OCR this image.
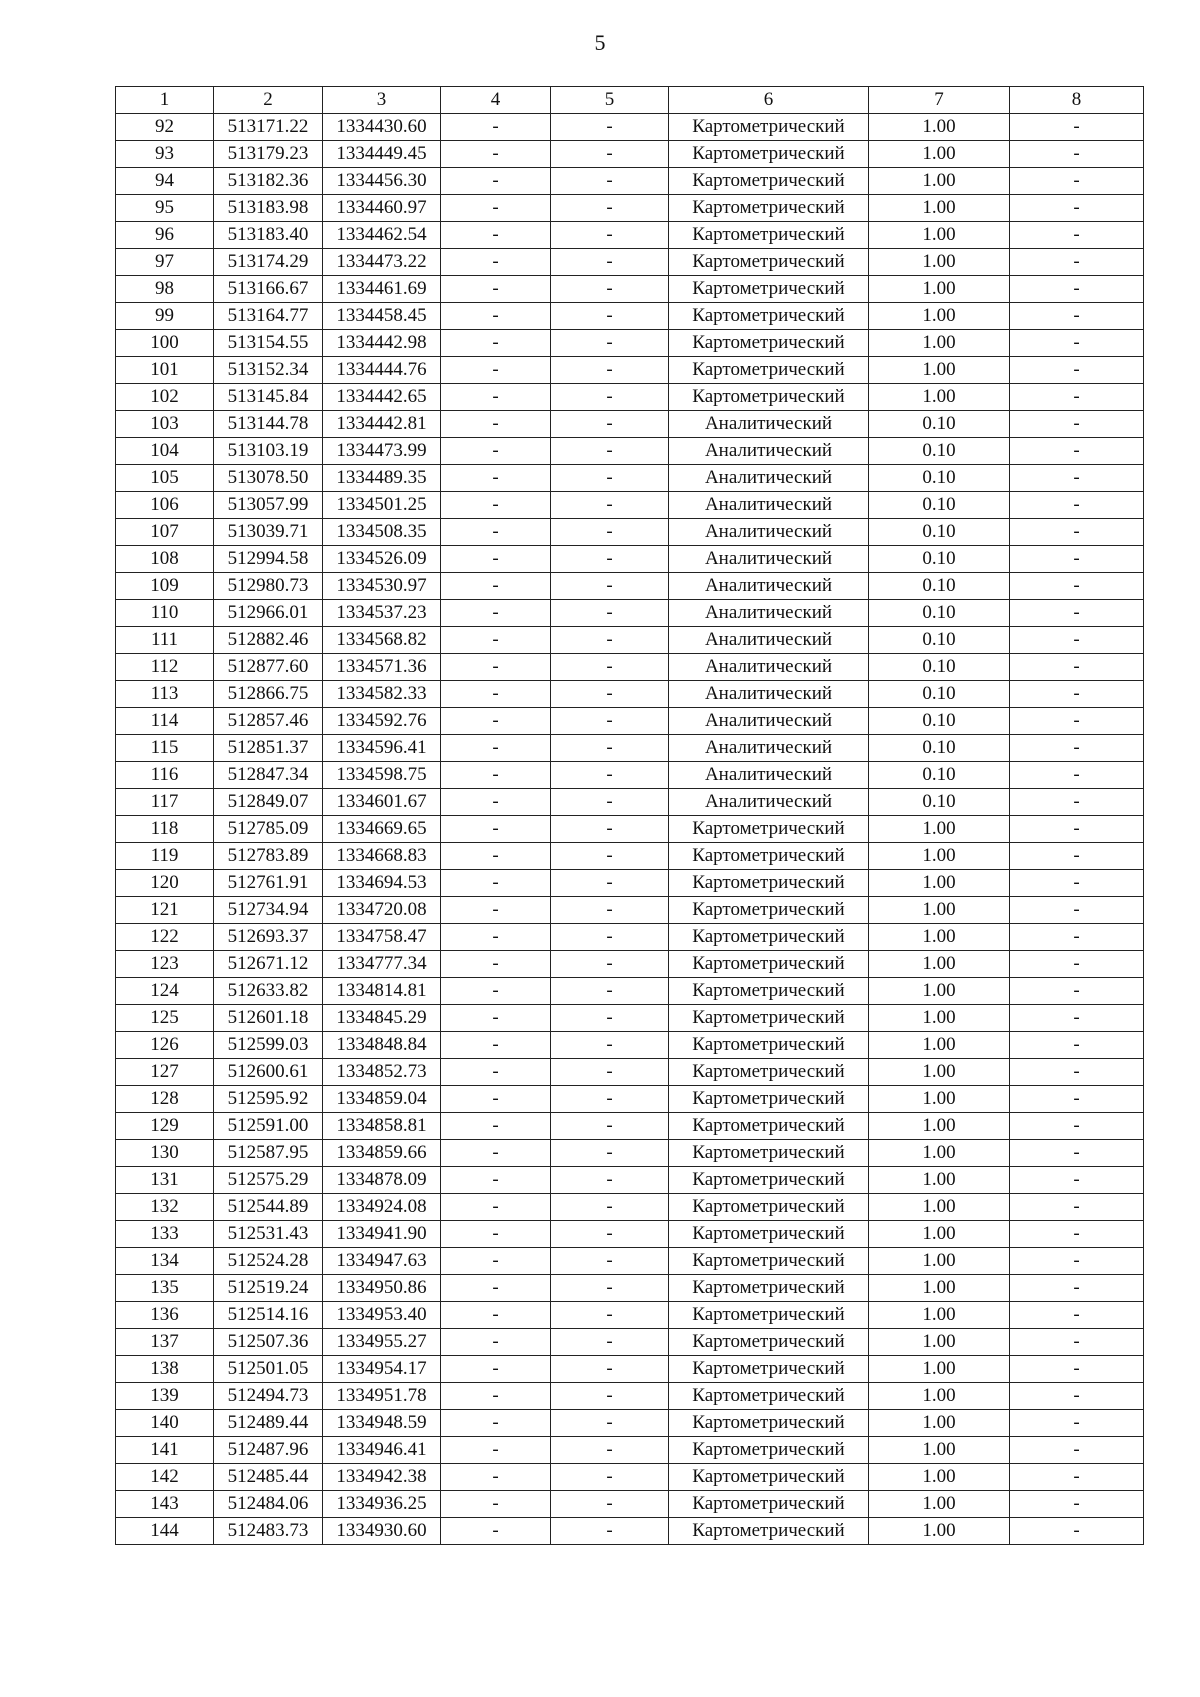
5
1	2	3	4	5	6	7	8
92	513171.22	1334430.60	-	-	Картометрический	1.00	-
93	513179.23	1334449.45	-	-	Картометрический	1.00	-
94	513182.36	1334456.30	-	-	Картометрический	1.00	-
95	513183.98	1334460.97	-	-	Картометрический	1.00	-
96	513183.40	1334462.54	-	-	Картометрический	1.00	-
97	513174.29	1334473.22	-	-	Картометрический	1.00	-
98	513166.67	1334461.69	-	-	Картометрический	1.00	-
99	513164.77	1334458.45	-	-	Картометрический	1.00	-
100	513154.55	1334442.98	-	-	Картометрический	1.00	-
101	513152.34	1334444.76	-	-	Картометрический	1.00	-
102	513145.84	1334442.65	-	-	Картометрический	1.00	-
103	513144.78	1334442.81	-	-	Аналитический	0.10	-
104	513103.19	1334473.99	-	-	Аналитический	0.10	-
105	513078.50	1334489.35	-	-	Аналитический	0.10	-
106	513057.99	1334501.25	-	-	Аналитический	0.10	-
107	513039.71	1334508.35	-	-	Аналитический	0.10	-
108	512994.58	1334526.09	-	-	Аналитический	0.10	-
109	512980.73	1334530.97	-	-	Аналитический	0.10	-
110	512966.01	1334537.23	-	-	Аналитический	0.10	-
111	512882.46	1334568.82	-	-	Аналитический	0.10	-
112	512877.60	1334571.36	-	-	Аналитический	0.10	-
113	512866.75	1334582.33	-	-	Аналитический	0.10	-
114	512857.46	1334592.76	-	-	Аналитический	0.10	-
115	512851.37	1334596.41	-	-	Аналитический	0.10	-
116	512847.34	1334598.75	-	-	Аналитический	0.10	-
117	512849.07	1334601.67	-	-	Аналитический	0.10	-
118	512785.09	1334669.65	-	-	Картометрический	1.00	-
119	512783.89	1334668.83	-	-	Картометрический	1.00	-
120	512761.91	1334694.53	-	-	Картометрический	1.00	-
121	512734.94	1334720.08	-	-	Картометрический	1.00	-
122	512693.37	1334758.47	-	-	Картометрический	1.00	-
123	512671.12	1334777.34	-	-	Картометрический	1.00	-
124	512633.82	1334814.81	-	-	Картометрический	1.00	-
125	512601.18	1334845.29	-	-	Картометрический	1.00	-
126	512599.03	1334848.84	-	-	Картометрический	1.00	-
127	512600.61	1334852.73	-	-	Картометрический	1.00	-
128	512595.92	1334859.04	-	-	Картометрический	1.00	-
129	512591.00	1334858.81	-	-	Картометрический	1.00	-
130	512587.95	1334859.66	-	-	Картометрический	1.00	-
131	512575.29	1334878.09	-	-	Картометрический	1.00	-
132	512544.89	1334924.08	-	-	Картометрический	1.00	-
133	512531.43	1334941.90	-	-	Картометрический	1.00	-
134	512524.28	1334947.63	-	-	Картометрический	1.00	-
135	512519.24	1334950.86	-	-	Картометрический	1.00	-
136	512514.16	1334953.40	-	-	Картометрический	1.00	-
137	512507.36	1334955.27	-	-	Картометрический	1.00	-
138	512501.05	1334954.17	-	-	Картометрический	1.00	-
139	512494.73	1334951.78	-	-	Картометрический	1.00	-
140	512489.44	1334948.59	-	-	Картометрический	1.00	-
141	512487.96	1334946.41	-	-	Картометрический	1.00	-
142	512485.44	1334942.38	-	-	Картометрический	1.00	-
143	512484.06	1334936.25	-	-	Картометрический	1.00	-
144	512483.73	1334930.60	-	-	Картометрический	1.00	-
